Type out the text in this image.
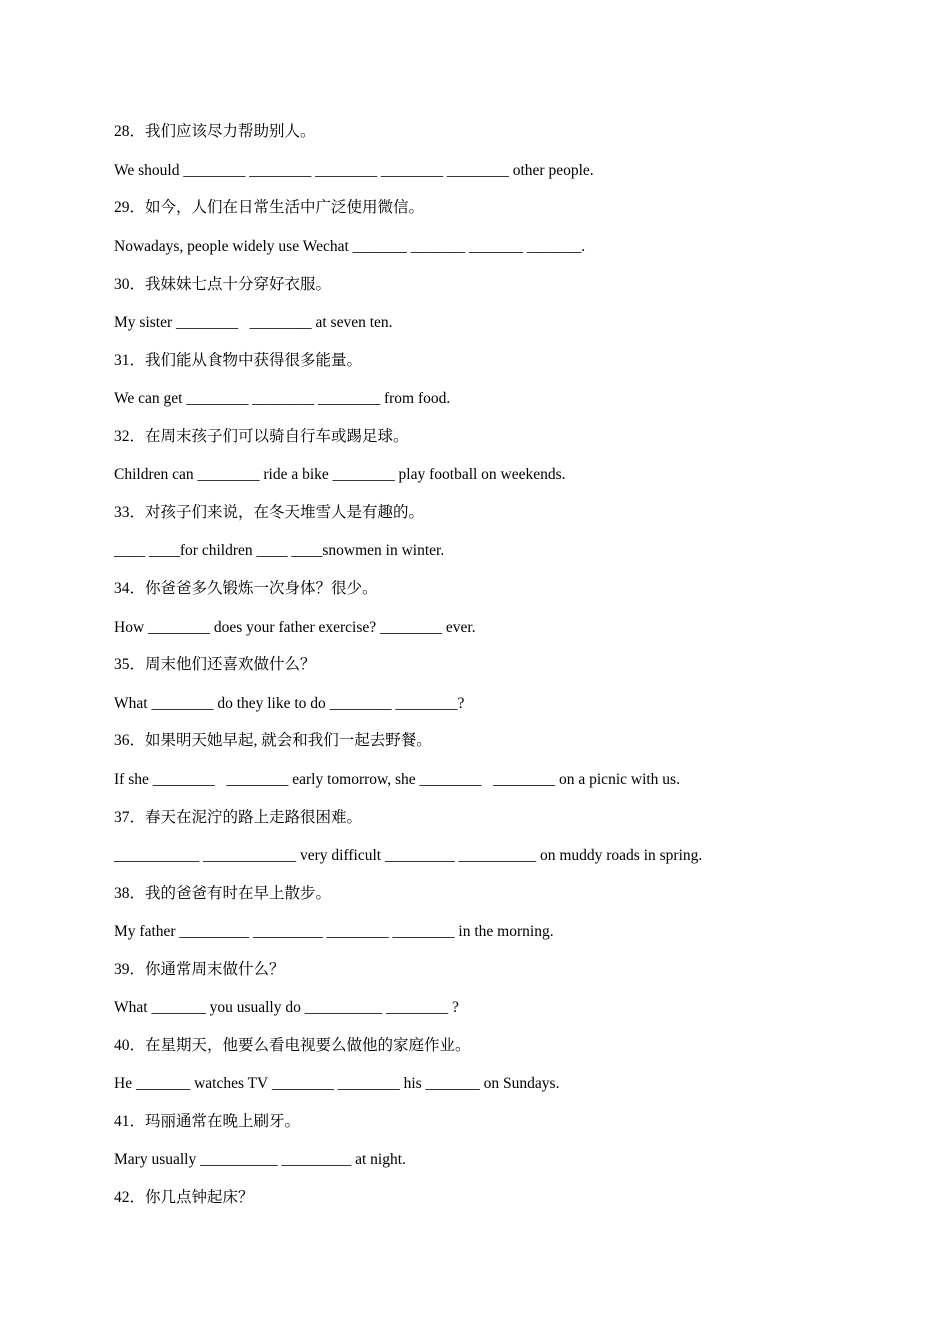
28．我们应该尽力帮助别人。

We should ________ ________ ________ ________ ________ other people.

29．如今，人们在日常生活中广泛使用微信。

Nowadays, people widely use Wechat _______ _______ _______ _______.

30．我妹妹七点十分穿好衣服。

My sister ________   ________ at seven ten.

31．我们能从食物中获得很多能量。

We can get ________ ________ ________ from food.

32．在周末孩子们可以骑自行车或踢足球。

Children can ________ ride a bike ________ play football on weekends.

33．对孩子们来说，在冬天堆雪人是有趣的。

____ ____for children ____ ____snowmen in winter.

34．你爸爸多久锻炼一次身体？很少。

How ________ does your father exercise? ________ ever.

35．周末他们还喜欢做什么？

What ________ do they like to do ________ ________?

36．如果明天她早起, 就会和我们一起去野餐。

If she ________   ________ early tomorrow, she ________   ________ on a picnic with us.

37．春天在泥泞的路上走路很困难。

___________ ____________ very difficult _________ __________ on muddy roads in spring.

38．我的爸爸有时在早上散步。

My father _________ _________ ________ ________ in the morning.

39．你通常周末做什么？

What _______ you usually do __________ ________ ?

40．在星期天，他要么看电视要么做他的家庭作业。

He _______ watches TV ________ ________ his _______ on Sundays.

41．玛丽通常在晚上刷牙。

Mary usually __________ _________ at night.

42．你几点钟起床？
